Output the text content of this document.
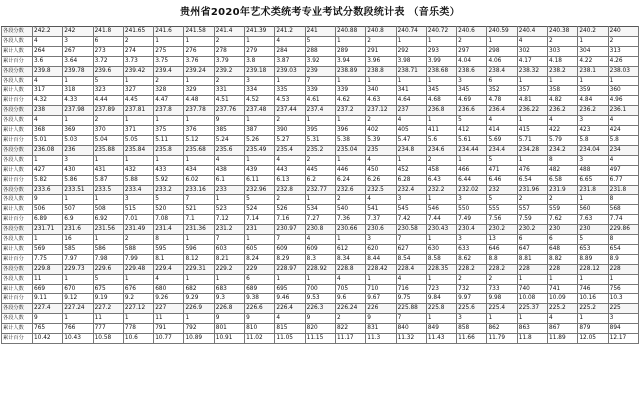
贵州省2020年艺术类统考专业考试分数段统计表 （音乐类）
各段分数	242.2	242	241.8	241.65	241.6	241.58	241.4	241.39	241.2	241	240.88	240.8	240.74	240.72	240.6	240.59	240.4	240.38	240.2	240
各段人数	4	3	6	2	1	1	2	1	4	5	1	2	1	1	2	1	4	2	1	2
累计人数	264	267	273	274	275	276	278	279	284	288	289	291	292	293	297	298	302	303	304	313
累计百分	3.6	3.64	3.72	3.73	3.75	3.76	3.79	3.8	3.87	3.92	3.94	3.96	3.98	3.99	4.04	4.06	4.17	4.18	4.22	4.26
各段分数	239.8	239.78	239.6	239.42	239.4	239.24	239.2	239.18	239.03	239	238.89	238.8	238.71	238.68	238.6	238.4	238.32	238.2	238.1	238.03
各段人数	4	1	5	1	2	1	2	3	1	7	1	1	1	1	3	6	1	1	1	1
累计人数	317	318	323	327	328	329	331	334	335	339	339	340	341	345	345	352	357	358	359	360
累计百分	4.32	4.33	4.44	4.45	4.47	4.48	4.51	4.52	4.53	4.61	4.62	4.63	4.64	4.68	4.69	4.78	4.81	4.82	4.84	4.96
各段分数	238	237.98	237.89	237.81	237.8	237.78	237.76	237.48	237.44	237.4	237.2	237.12	237	236.8	236.6	236.4	236.22	236.2	236.2	236.1
各段人数	4	1	2	1	1	1	9	1	2	1	1	2	4	1	5	4	1	4	3	4
累计人数	368	369	370	371	375	376	385	387	390	395	396	402	405	411	412	414	415	422	423	424
累计百分	5.01	5.03	5.04	5.05	5.11	5.12	5.24	5.26	5.27	5.31	5.38	5.39	5.47	5.6	5.61	5.69	5.71	5.79	5.8	5.8
各段分数	236.08	236	235.88	235.84	235.8	235.68	235.6	235.49	235.4	235.2	235.04	235	234.8	234.6	234.44	234.4	234.28	234.2	234.04	234
各段人数	1	3	1	1	1	1	4	1	4	2	1	4	1	2	1	5	1	8	3	4
累计人数	427	430	431	432	433	434	438	439	443	445	446	450	452	458	466	471	476	482	488	497
累计百分	5.82	5.86	5.87	5.88	5.92	6.02	6.1	6.11	6.13	6.2	6.24	6.26	6.28	6.43	6.44	6.46	6.54	6.58	6.65	6.77
各段分数	233.6	233.51	233.5	233.4	233.2	233.16	233	232.96	232.8	232.77	232.6	232.5	232.4	232.2	232.02	232	231.96	231.9	231.8	231.8
各段人数	9	1	1	3	5	7	1	5	2	1	2	4	3	1	3	5	2	2	1	8
累计人数	506	507	508	515	520	521	523	524	526	534	540	541	545	546	550	555	557	559	560	568
累计百分	6.89	6.9	6.92	7.01	7.08	7.1	7.12	7.14	7.16	7.27	7.36	7.37	7.42	7.44	7.49	7.56	7.59	7.62	7.63	7.74
各段分数	231.71	231.6	231.56	231.49	231.4	231.36	231.2	231	230.97	230.8	230.66	230.6	230.58	230.43	230.4	230.2	230.2	230	230	229.86
各段人数	1	16	1	2	8	1	7	1	7	4	1	3	7	1	3	13	6	6	5	8
累计人数	569	585	586	588	595	596	603	605	609	609	612	620	627	630	633	646	647	648	653	654
累计百分	7.75	7.97	7.98	7.99	8.1	8.12	8.21	8.24	8.29	8.3	8.34	8.44	8.54	8.58	8.62	8.8	8.81	8.82	8.89	8.9
各段分数	229.8	229.73	229.6	229.48	229.4	229.31	229.2	229	228.97	228.92	228.8	228.42	228.4	228.35	228.2	228.2	228	228	228.12	228
各段人数	11	1	5	1	4	1	1	6	1	1	4	1	4	1	2	2	1	1	1	1
累计人数	669	670	675	676	680	682	683	689	695	700	705	710	716	723	732	733	740	741	746	756
累计百分	9.11	9.12	9.19	9.2	9.26	9.29	9.3	9.38	9.46	9.53	9.6	9.67	9.75	9.84	9.97	9.98	10.08	10.09	10.16	10.3
各段分数	227.4	227.24	227.2	227.12	227	226.9	226.8	226.6	226.4	226.3	226.24	226	225.88	225.8	225.6	225.4	225.37	225.2	225.2	225
各段人数	9	1	11	1	11	1	9	9	4	9	2	9	7	1	3	1	1	4	1	3
累计人数	765	766	777	778	791	792	801	810	815	820	822	831	840	849	858	862	863	867	879	894
累计百分	10.42	10.43	10.58	10.6	10.77	10.89	10.91	11.02	11.05	11.15	11.17	11.3	11.32	11.43	11.66	11.79	11.8	11.89	12.05	12.17
